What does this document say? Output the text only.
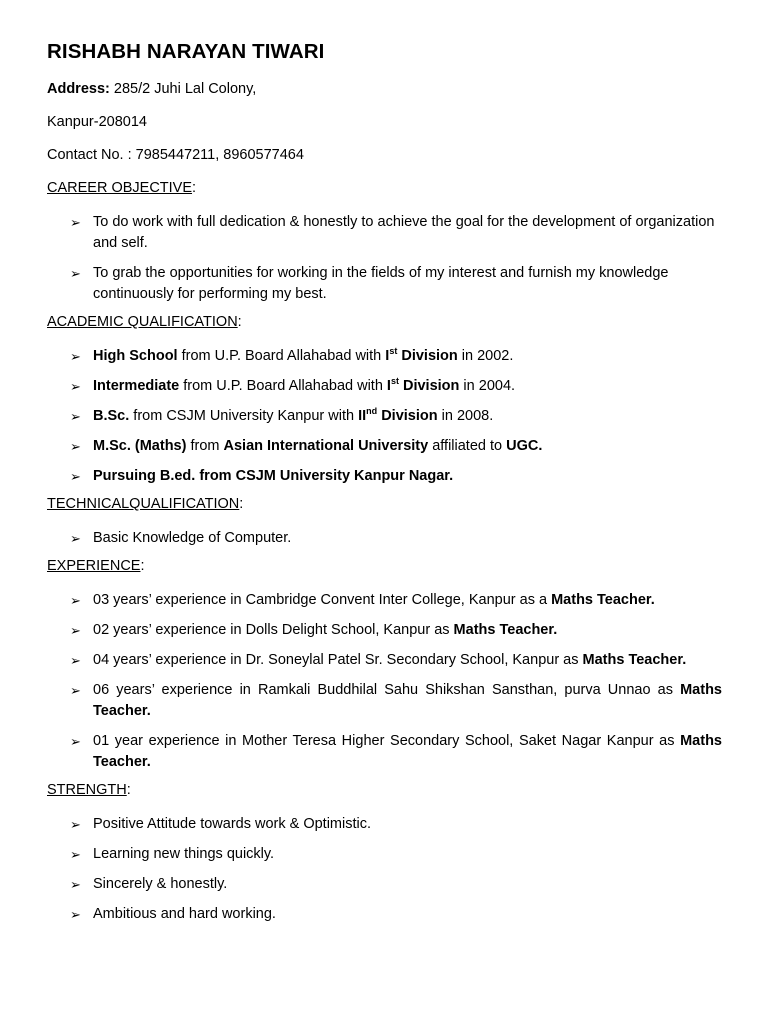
RISHABH NARAYAN TIWARI
Address: 285/2 Juhi Lal Colony,
Kanpur-208014
Contact No. : 7985447211, 8960577464
CAREER OBJECTIVE:
➢ To do work with full dedication & honestly to achieve the goal for the development of organization and self.
➢ To grab the opportunities for working in the fields of my interest and furnish my knowledge continuously for performing my best.
ACADEMIC QUALIFICATION:
➢ High School from U.P. Board Allahabad with Ist Division in 2002.
➢ Intermediate from U.P. Board Allahabad with Ist Division in 2004.
➢ B.Sc. from CSJM University Kanpur with IInd Division in 2008.
➢ M.Sc. (Maths) from Asian International University affiliated to UGC.
➢ Pursuing B.ed. from CSJM University Kanpur Nagar.
TECHNICALQUALIFICATION:
➢ Basic Knowledge of Computer.
EXPERIENCE:
➢ 03 years’ experience in Cambridge Convent Inter College, Kanpur as a Maths Teacher.
➢ 02 years’ experience in Dolls Delight School, Kanpur as Maths Teacher.
➢ 04 years’ experience in Dr. Soneylal Patel Sr. Secondary School, Kanpur as Maths Teacher.
➢ 06 years’ experience in Ramkali Buddhilal Sahu Shikshan Sansthan, purva Unnao as Maths Teacher.
➢ 01 year experience in Mother Teresa Higher Secondary School, Saket Nagar Kanpur as Maths Teacher.
STRENGTH:
➢ Positive Attitude towards work & Optimistic.
➢ Learning new things quickly.
➢ Sincerely & honestly.
➢ Ambitious and hard working.
